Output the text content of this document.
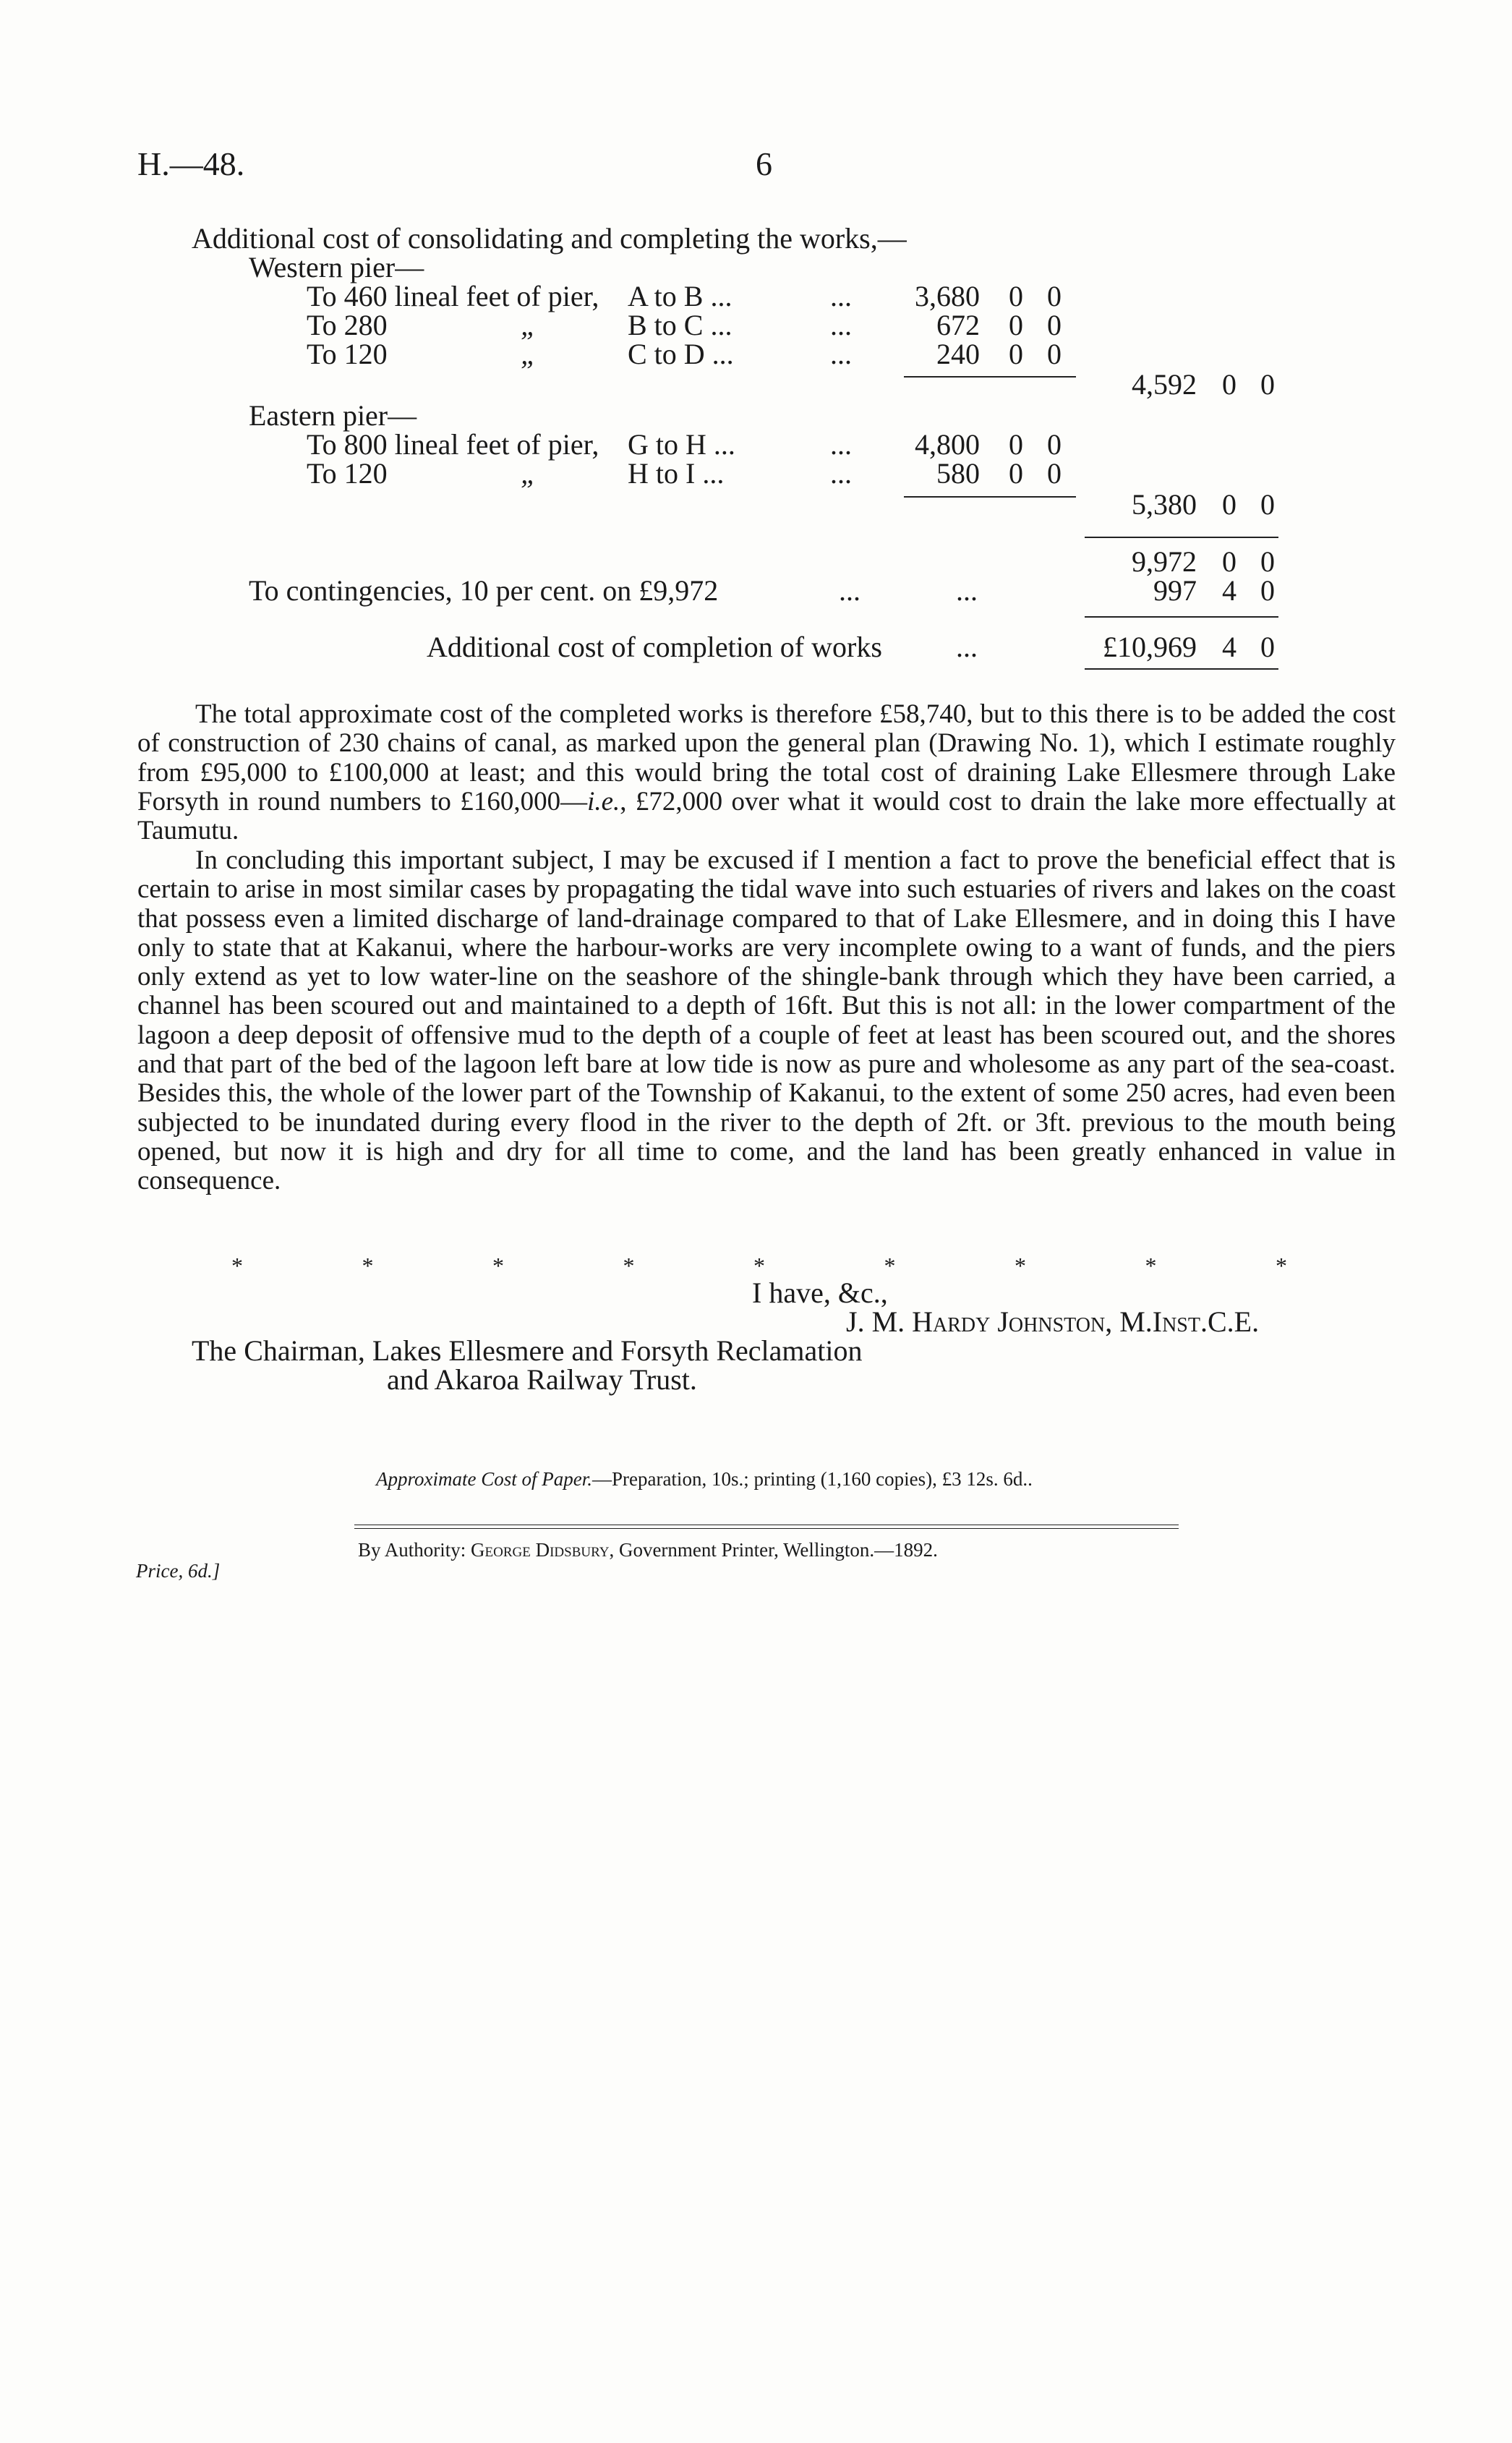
H.—48.	6
Additional cost of consolidating and completing the works,—
Western pier—
To 460 lineal feet of pier, A to B ...	...	3,680 0 0
To 280	„	B to C ...	...	672 0 0
To 120	„	C to D ...	...	240 0 0
4,592 0 0
Eastern pier—
To 800 lineal feet of pier, G to H ...	...	4,800 0 0
To 120	„	H to I ...	...	580 0 0
5,380 0 0
9,972 0 0
To contingencies, 10 per cent. on £9,972	...	...	997 4 0
Additional cost of completion of works	...	£10,969 4 0
The total approximate cost of the completed works is therefore £58,740, but to this there is to be added the cost of construction of 230 chains of canal, as marked upon the general plan (Drawing No. 1), which I estimate roughly from £95,000 to £100,000 at least; and this would bring the total cost of draining Lake Ellesmere through Lake Forsyth in round numbers to £160,000—i.e., £72,000 over what it would cost to drain the lake more effectually at Taumutu.
In concluding this important subject, I may be excused if I mention a fact to prove the beneficial effect that is certain to arise in most similar cases by propagating the tidal wave into such estuaries of rivers and lakes on the coast that possess even a limited discharge of land-drainage compared to that of Lake Ellesmere, and in doing this I have only to state that at Kakanui, where the harbour-works are very incomplete owing to a want of funds, and the piers only extend as yet to low water-line on the seashore of the shingle-bank through which they have been carried, a channel has been scoured out and maintained to a depth of 16ft. But this is not all: in the lower compartment of the lagoon a deep deposit of offensive mud to the depth of a couple of feet at least has been scoured out, and the shores and that part of the bed of the lagoon left bare at low tide is now as pure and wholesome as any part of the sea-coast. Besides this, the whole of the lower part of the Township of Kakanui, to the extent of some 250 acres, had even been subjected to be inundated during every flood in the river to the depth of 2ft. or 3ft. previous to the mouth being opened, but now it is high and dry for all time to come, and the land has been greatly enhanced in value in consequence.
*	*	*	*	*	*	*	*	*
I have, &c.,
J. M. Hardy Johnston, M.Inst.C.E.
The Chairman, Lakes Ellesmere and Forsyth Reclamation
and Akaroa Railway Trust.
Approximate Cost of Paper.—Preparation, 10s.; printing (1,160 copies), £3 12s. 6d..
Price, 6d.]
By Authority: George Didsbury, Government Printer, Wellington.—1892.
